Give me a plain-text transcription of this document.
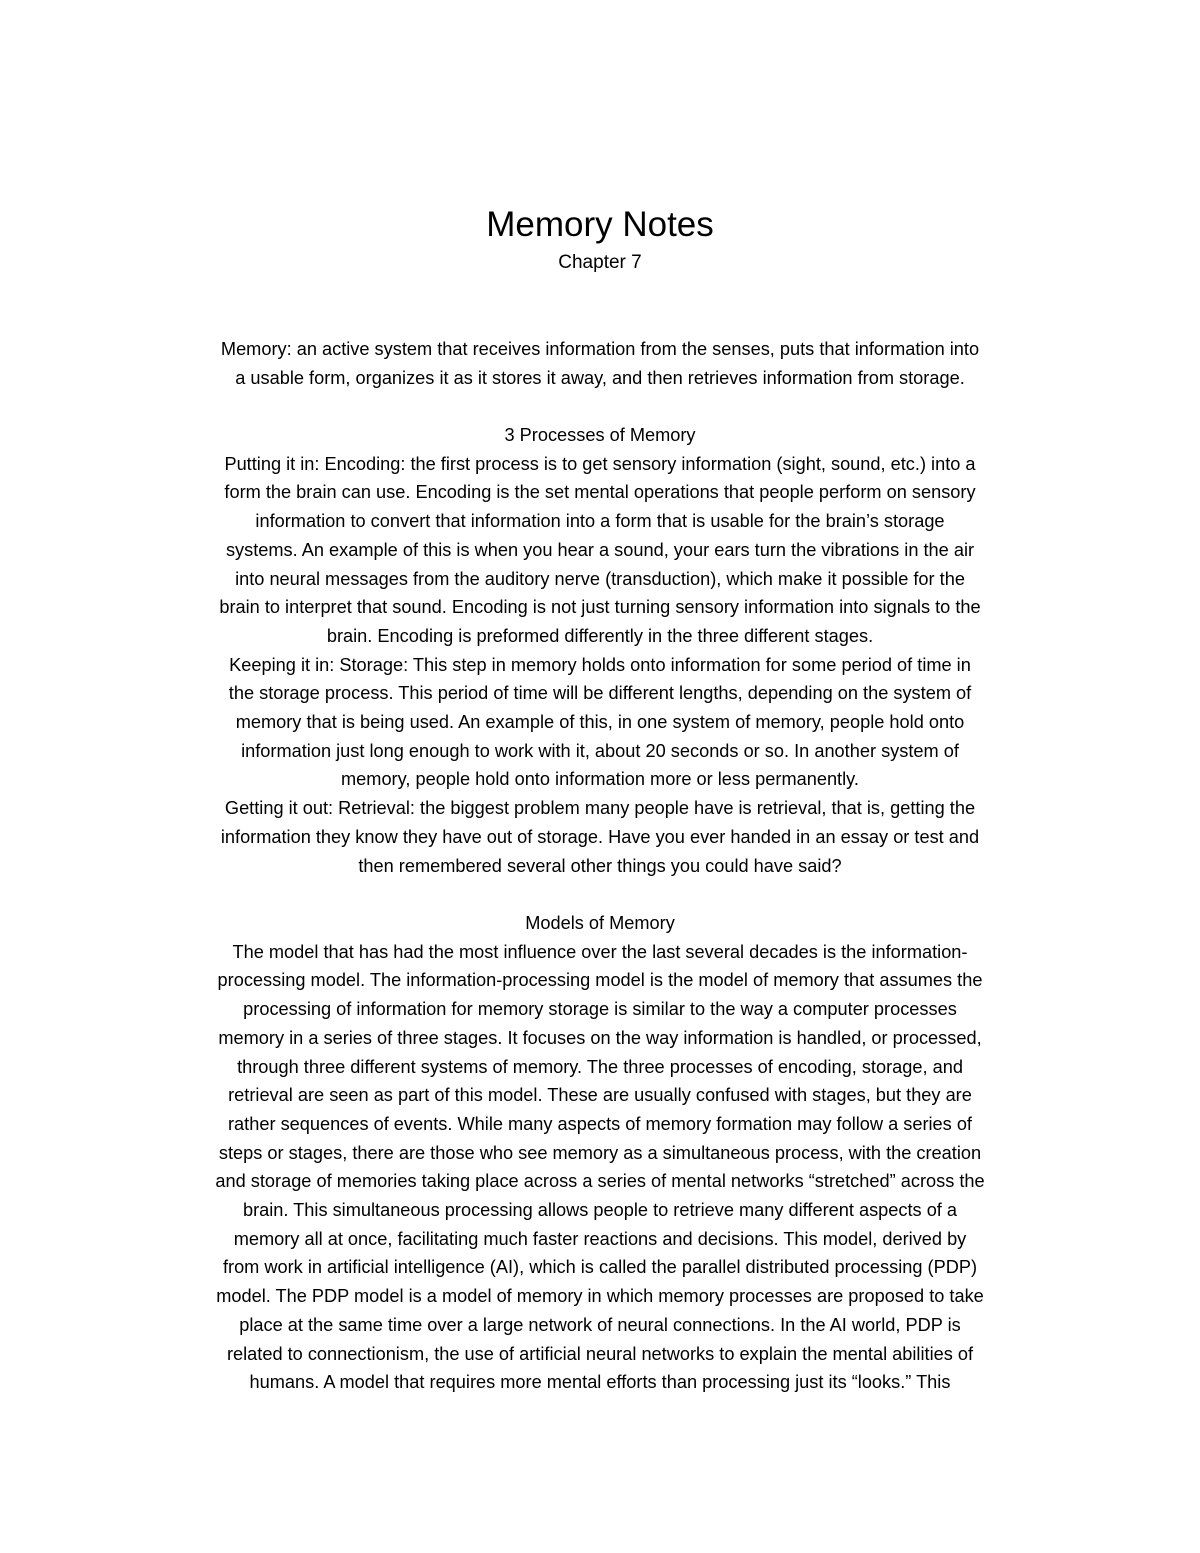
Memory Notes
Chapter 7
Memory: an active system that receives information from the senses, puts that information into
a usable form, organizes it as it stores it away, and then retrieves information from storage.
3 Processes of Memory
Putting it in: Encoding: the first process is to get sensory information (sight, sound, etc.) into a
form the brain can use. Encoding is the set mental operations that people perform on sensory
information to convert that information into a form that is usable for the brain’s storage
systems. An example of this is when you hear a sound, your ears turn the vibrations in the air
into neural messages from the auditory nerve (transduction), which make it possible for the
brain to interpret that sound. Encoding is not just turning sensory information into signals to the
brain. Encoding is preformed differently in the three different stages.
Keeping it in: Storage: This step in memory holds onto information for some period of time in
the storage process. This period of time will be different lengths, depending on the system of
memory that is being used. An example of this, in one system of memory, people hold onto
information just long enough to work with it, about 20 seconds or so. In another system of
memory, people hold onto information more or less permanently.
Getting it out: Retrieval: the biggest problem many people have is retrieval, that is, getting the
information they know they have out of storage. Have you ever handed in an essay or test and
then remembered several other things you could have said?
Models of Memory
The model that has had the most influence over the last several decades is the information-
processing model. The information-processing model is the model of memory that assumes the
processing of information for memory storage is similar to the way a computer processes
memory in a series of three stages. It focuses on the way information is handled, or processed,
through three different systems of memory. The three processes of encoding, storage, and
retrieval are seen as part of this model. These are usually confused with stages, but they are
rather sequences of events. While many aspects of memory formation may follow a series of
steps or stages, there are those who see memory as a simultaneous process, with the creation
and storage of memories taking place across a series of mental networks “stretched” across the
brain. This simultaneous processing allows people to retrieve many different aspects of a
memory all at once, facilitating much faster reactions and decisions. This model, derived by
from work in artificial intelligence (AI), which is called the parallel distributed processing (PDP)
model. The PDP model is a model of memory in which memory processes are proposed to take
place at the same time over a large network of neural connections. In the AI world, PDP is
related to connectionism, the use of artificial neural networks to explain the mental abilities of
humans. A model that requires more mental efforts than processing just its “looks.” This
